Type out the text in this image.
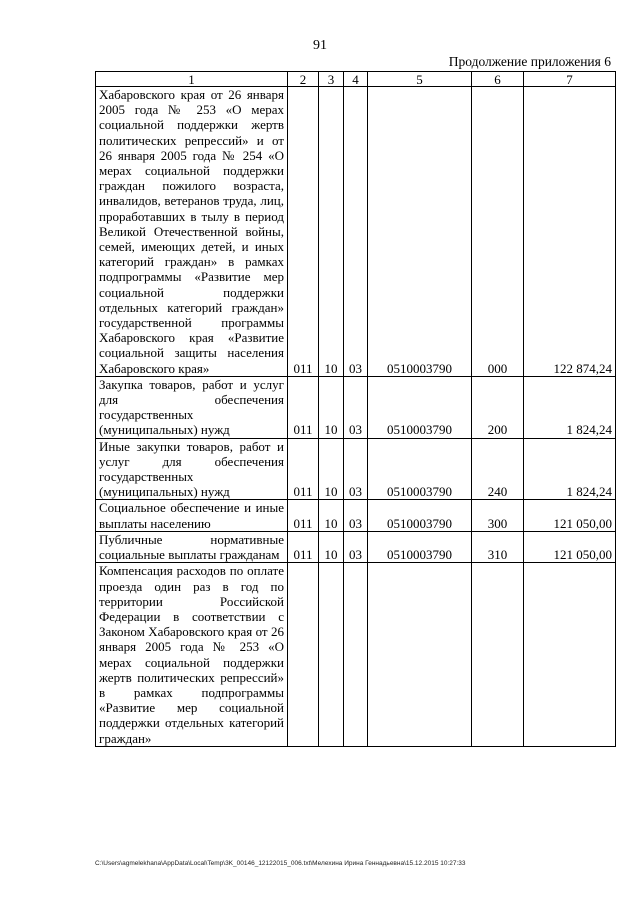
91
Продолжение приложения 6
1	2	3	4	5	6	7
Хабаровского края от 26 января 2005 года № 253 «О мерах социальной поддержки жертв политических репрессий» и от 26 января 2005 года № 254 «О мерах социальной поддержки граждан пожилого возраста, инвалидов, ветеранов труда, лиц, проработавших в тылу в период Великой Отечественной войны, семей, имеющих детей, и иных категорий граждан» в рамках подпрограммы «Развитие мер социальной поддержки отдельных категорий граждан» государственной программы Хабаровского края «Развитие социальной защиты населения Хабаровского края»	011	10	03	0510003790	000	122 874,24
Закупка товаров, работ и услуг для обеспечения государственных (муниципальных) нужд	011	10	03	0510003790	200	1 824,24
Иные закупки товаров, работ и услуг для обеспечения государственных (муниципальных) нужд	011	10	03	0510003790	240	1 824,24
Социальное обеспечение и иные выплаты населению	011	10	03	0510003790	300	121 050,00
Публичные нормативные социальные выплаты гражданам	011	10	03	0510003790	310	121 050,00
Компенсация расходов по оплате проезда один раз в год по территории Российской Федерации в соответствии с Законом Хабаровского края от 26 января 2005 года № 253 «О мерах социальной поддержки жертв политических репрессий» в рамках подпрограммы «Развитие мер социальной поддержки отдельных категорий граждан»						
C:\Users\agmelekhana\AppData\Local\Temp\3K_00146_12122015_006.txt\Мелехина Ирина Геннадьевна\15.12.2015 10:27:33
